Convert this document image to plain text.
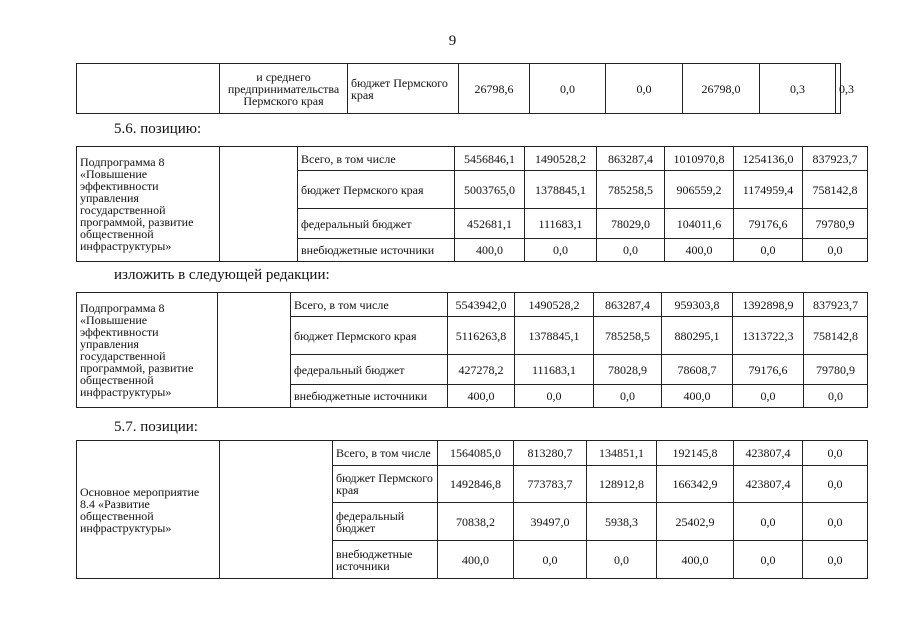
9
	и среднего предпринимательства Пермского края	бюджет Пермского края	26798,6	0,0	0,0	26798,0	0,3	0,3
5.6. позицию:
Подпрограмма 8 «Повышение эффективности управления государственной программой, развитие общественной инфраструктуры»		Всего, в том числе	5456846,1	1490528,2	863287,4	1010970,8	1254136,0	837923,7
		бюджет Пермского края	5003765,0	1378845,1	785258,5	906559,2	1174959,4	758142,8
		федеральный бюджет	452681,1	111683,1	78029,0	104011,6	79176,6	79780,9
		внебюджетные источники	400,0	0,0	0,0	400,0	0,0	0,0
изложить в следующей редакции:
Подпрограмма 8 «Повышение эффективности управления государственной программой, развитие общественной инфраструктуры»		Всего, в том числе	5543942,0	1490528,2	863287,4	959303,8	1392898,9	837923,7
		бюджет Пермского края	5116263,8	1378845,1	785258,5	880295,1	1313722,3	758142,8
		федеральный бюджет	427278,2	111683,1	78028,9	78608,7	79176,6	79780,9
		внебюджетные источники	400,0	0,0	0,0	400,0	0,0	0,0
5.7. позиции:
Основное мероприятие 8.4 «Развитие общественной инфраструктуры»		Всего, в том числе	1564085,0	813280,7	134851,1	192145,8	423807,4	0,0
		бюджет Пермского края	1492846,8	773783,7	128912,8	166342,9	423807,4	0,0
		федеральный бюджет	70838,2	39497,0	5938,3	25402,9	0,0	0,0
		внебюджетные источники	400,0	0,0	0,0	400,0	0,0	0,0
